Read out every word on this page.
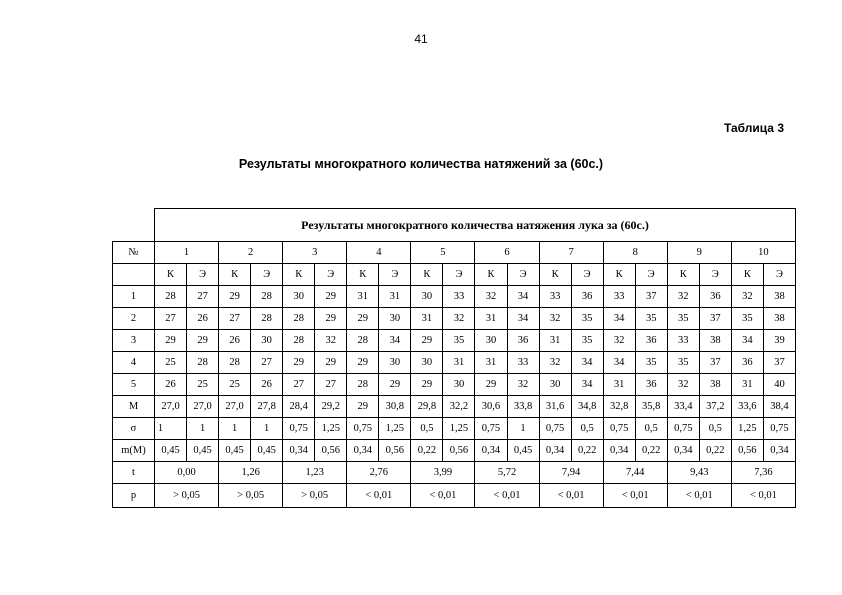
41
Таблица 3
Результаты многократного количества натяжений за (60с.)
	Результаты многократного количества натяжения лука за (60с.)																			
№	1		2		3		4		5		6		7		8		9		10	
	К	Э	К	Э	К	Э	К	Э	К	Э	К	Э	К	Э	К	Э	К	Э	К	Э
1	28	27	29	28	30	29	31	31	30	33	32	34	33	36	33	37	32	36	32	38
2	27	26	27	28	28	29	29	30	31	32	31	34	32	35	34	35	35	37	35	38
3	29	29	26	30	28	32	28	34	29	35	30	36	31	35	32	36	33	38	34	39
4	25	28	28	27	29	29	29	30	30	31	31	33	32	34	34	35	35	37	36	37
5	26	25	25	26	27	27	28	29	29	30	29	32	30	34	31	36	32	38	31	40
M	27,0	27,0	27,0	27,8	28,4	29,2	29	30,8	29,8	32,2	30,6	33,8	31,6	34,8	32,8	35,8	33,4	37,2	33,6	38,4
σ	1	1	1	1	0,75	1,25	0,75	1,25	0,5	1,25	0,75	1	0,75	0,5	0,75	0,5	0,75	0,5	1,25	0,75
m(M)	0,45	0,45	0,45	0,45	0,34	0,56	0,34	0,56	0,22	0,56	0,34	0,45	0,34	0,22	0,34	0,22	0,34	0,22	0,56	0,34
t	0,00		1,26		1,23		2,76		3,99		5,72		7,94		7,44		9,43		7,36	
p	> 0,05		> 0,05		> 0,05		< 0,01		< 0,01		< 0,01		< 0,01		< 0,01		< 0,01		< 0,01	
